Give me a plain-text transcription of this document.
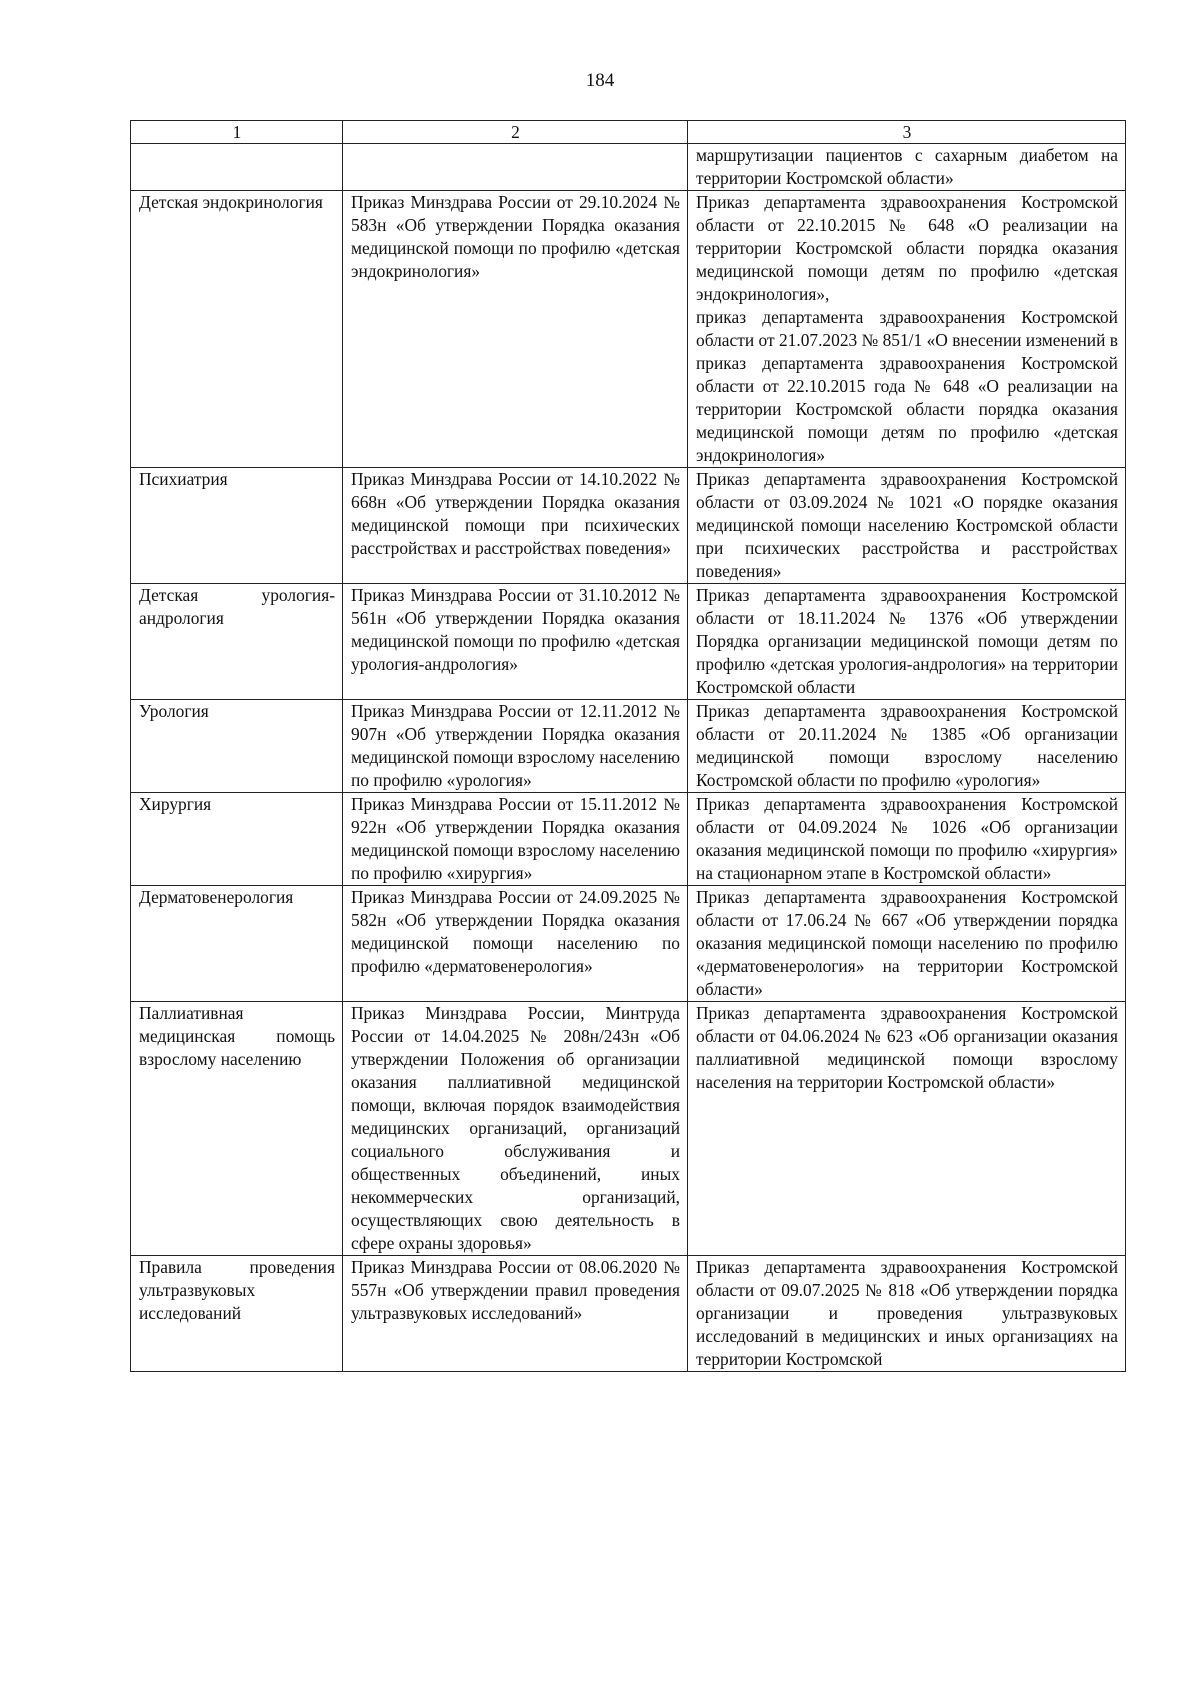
184
1	2	3
		маршрутизации пациентов с сахарным диабетом на территории Костромской области»
Детская эндокринология	Приказ Минздрава России от 29.10.2024 № 583н «Об утверждении Порядка оказания медицинской помощи по профилю «детская эндокринология»	Приказ департамента здравоохранения Костромской области от 22.10.2015 № 648 «О реализации на территории Костромской области порядка оказания медицинской помощи детям по профилю «детская эндокринология»,
приказ департамента здравоохранения Костромской области от 21.07.2023 № 851/1 «О внесении изменений в приказ департамента здравоохранения Костромской области от 22.10.2015 года № 648 «О реализации на территории Костромской области порядка оказания медицинской помощи детям по профилю «детская эндокринология»
Психиатрия	Приказ Минздрава России от 14.10.2022 № 668н «Об утверждении Порядка оказания медицинской помощи при психических расстройствах и расстройствах поведения»	Приказ департамента здравоохранения Костромской области от 03.09.2024 № 1021 «О порядке оказания медицинской помощи населению Костромской области при психических расстройства и расстройствах поведения»
Детская урология-андрология	Приказ Минздрава России от 31.10.2012 № 561н «Об утверждении Порядка оказания медицинской помощи по профилю «детская урология-андрология»	Приказ департамента здравоохранения Костромской области от 18.11.2024 № 1376 «Об утверждении Порядка организации медицинской помощи детям по профилю «детская урология-андрология» на территории Костромской области
Урология	Приказ Минздрава России от 12.11.2012 № 907н «Об утверждении Порядка оказания медицинской помощи взрослому населению по профилю «урология»	Приказ департамента здравоохранения Костромской области от 20.11.2024 № 1385 «Об организации медицинской помощи взрослому населению Костромской области по профилю «урология»
Хирургия	Приказ Минздрава России от 15.11.2012 № 922н «Об утверждении Порядка оказания медицинской помощи взрослому населению по профилю «хирургия»	Приказ департамента здравоохранения Костромской области от 04.09.2024 № 1026 «Об организации оказания медицинской помощи по профилю «хирургия» на стационарном этапе в Костромской области»
Дерматовенерология	Приказ Минздрава России от 24.09.2025 № 582н «Об утверждении Порядка оказания медицинской помощи населению по профилю «дерматовенерология»	Приказ департамента здравоохранения Костромской области от 17.06.24 № 667 «Об утверждении порядка оказания медицинской помощи населению по профилю «дерматовенерология» на территории Костромской области»
Паллиативная медицинская помощь взрослому населению	Приказ Минздрава России, Минтруда России от 14.04.2025 № 208н/243н «Об утверждении Положения об организации оказания паллиативной медицинской помощи, включая порядок взаимодействия медицинских организаций, организаций социального обслуживания и общественных объединений, иных некоммерческих организаций, осуществляющих свою деятельность в сфере охраны здоровья»	Приказ департамента здравоохранения Костромской области от 04.06.2024 № 623 «Об организации оказания паллиативной медицинской помощи взрослому населения на территории Костромской области»
Правила проведения ультразвуковых исследований	Приказ Минздрава России от 08.06.2020 № 557н «Об утверждении правил проведения ультразвуковых исследований»	Приказ департамента здравоохранения Костромской области от 09.07.2025 № 818 «Об утверждении порядка организации и проведения ультразвуковых исследований в медицинских и иных организациях на территории Костромской
